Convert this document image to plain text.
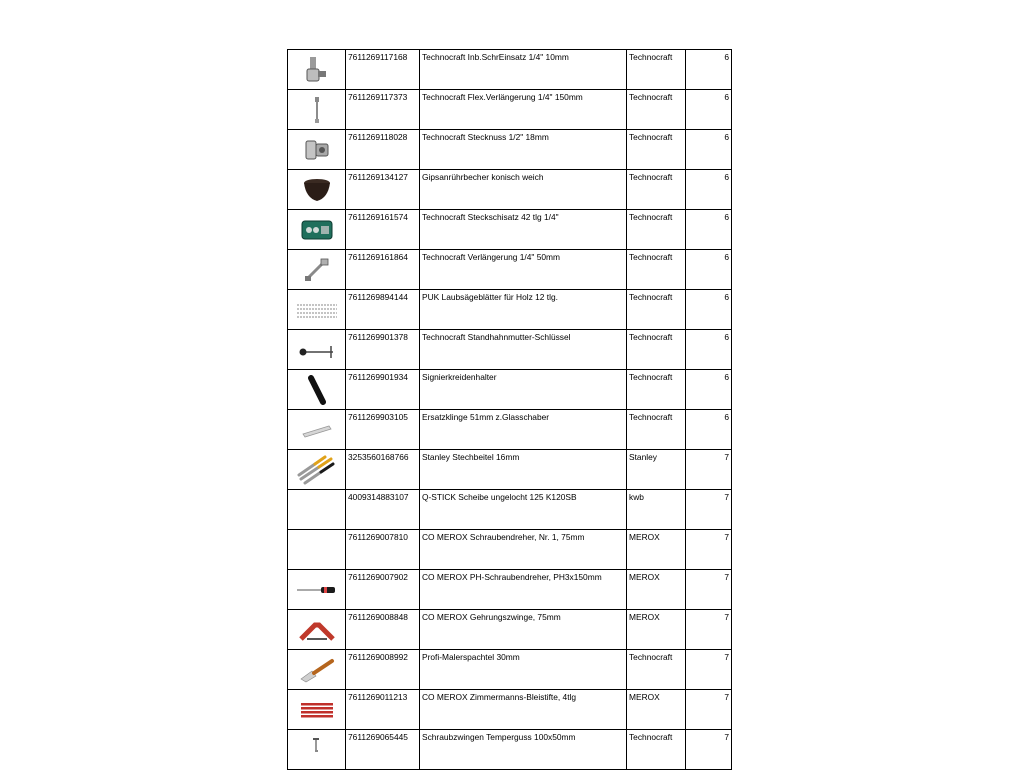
	7611269117168	Technocraft Inb.SchrEinsatz 1/4" 10mm	Technocraft	6

	7611269117373	Technocraft Flex.Verlängerung 1/4" 150mm	Technocraft	6

	7611269118028	Technocraft Stecknuss 1/2" 18mm	Technocraft	6

	7611269134127	Gipsanrührbecher konisch weich	Technocraft	6

	7611269161574	Technocraft Steckschisatz 42 tlg 1/4"	Technocraft	6

	7611269161864	Technocraft Verlängerung 1/4" 50mm	Technocraft	6

	7611269894144	PUK Laubsägeblätter für Holz 12 tlg.	Technocraft	6

	7611269901378	Technocraft Standhahnmutter-Schlüssel	Technocraft	6

	7611269901934	Signierkreidenhalter	Technocraft	6

	7611269903105	Ersatzklinge 51mm z.Glasschaber	Technocraft	6

	3253560168766	Stanley Stechbeitel 16mm	Stanley	7
	4009314883107	Q-STICK Scheibe ungelocht 125 K120SB	kwb	7
	7611269007810	CO MEROX Schraubendreher, Nr. 1, 75mm	MEROX	7

	7611269007902	CO MEROX PH-Schraubendreher, PH3x150mm	MEROX	7

	7611269008848	CO MEROX Gehrungszwinge, 75mm	MEROX	7

	7611269008992	Profi-Malerspachtel 30mm	Technocraft	7

	7611269011213	CO MEROX Zimmermanns-Bleistifte, 4tlg	MEROX	7

	7611269065445	Schraubzwingen Temperguss 100x50mm	Technocraft	7
